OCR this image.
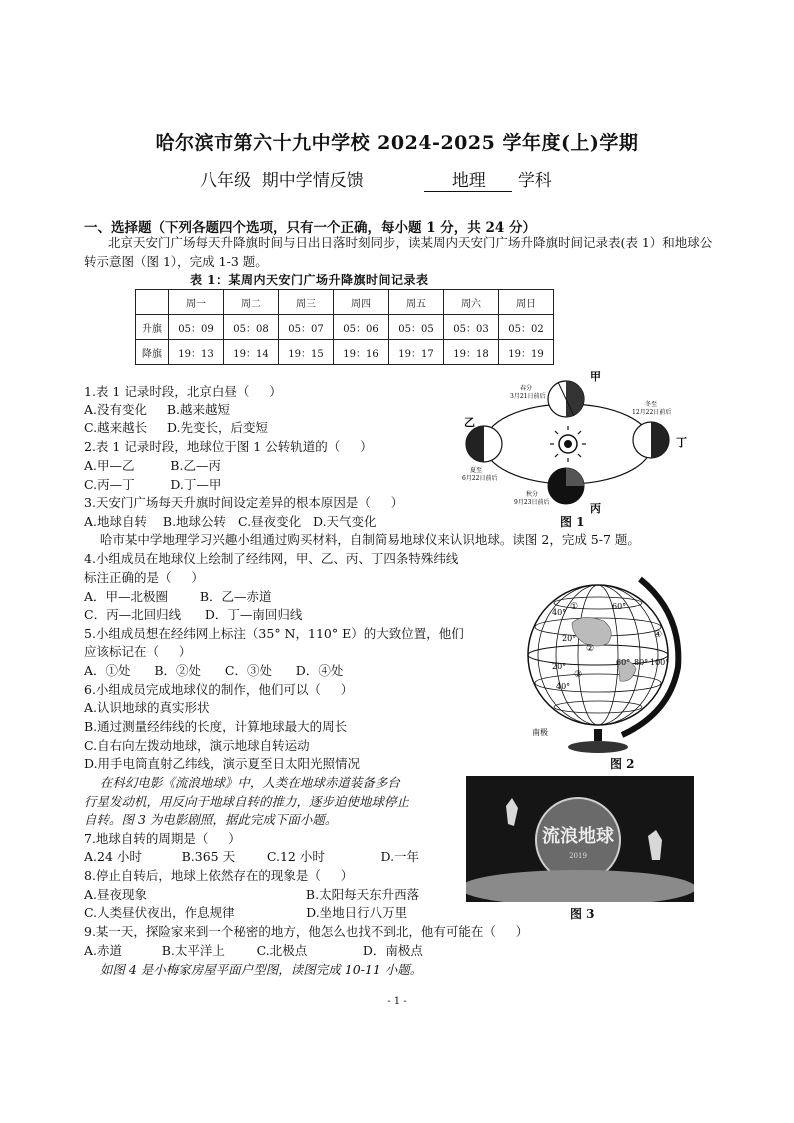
哈尔滨市第六十九中学校 2024-2025 学年度(上)学期
八年级  期中学情反馈	地理 学科
一、选择题（下列各题四个选项，只有一个正确，每小题 1 分，共 24 分）
北京天安门广场每天升降旗时间与日出日落时刻同步，读某周内天安门广场升降旗时间记录表(表 1）和地球公转示意图（图 1），完成 1-3 题。
表 1：某周内天安门广场升降旗时间记录表
	周一	周二	周三	周四	周五	周六	周日
升旗	05：09	05：08	05：07	05：06	05：05	05：03	05：02
降旗	19：13	19：14	19：15	19：16	19：17	19：18	19：19
1.表 1 记录时段，北京白昼（     ）
A.没有变化     B.越来越短
C.越来越长     D.先变长，后变短
2.表 1 记录时段，地球位于图 1 公转轨道的（     ）
A.甲—乙         B.乙—丙
C.丙—丁         D.丁—甲
3.天安门广场每天升旗时间设定差异的根本原因是（     ）
A.地球自转    B.地球公转   C.昼夜变化   D.天气变化
哈市某中学地理学习兴趣小组通过购买材料，自制简易地球仪来认识地球。读图 2，完成 5-7 题。
4.小组成员在地球仪上绘制了经纬网，甲、乙、丙、丁四条特殊纬线
标注正确的是（     ）
A．甲—北极圈        B．乙—赤道
C．丙—北回归线      D．丁—南回归线
5.小组成员想在经纬网上标注（35° N，110° E）的大致位置，他们
应该标记在（     ）
A．①处      B．②处      C．③处      D．④处
6.小组成员完成地球仪的制作，他们可以（     ）
A.认识地球的真实形状
B.通过测量经纬线的长度，计算地球最大的周长
C.自右向左拨动地球，演示地球自转运动
D.用手电筒直射乙纬线，演示夏至日太阳光照情况
在科幻电影《流浪地球》中，人类在地球赤道装备多台
行星发动机，用反向于地球自转的推力，逐步迫使地球停止
自转。图 3 为电影剧照，据此完成下面小题。
7.地球自转的周期是（     ）
A.24 小时          B.365 天        C.12 小时              D.一年
8.停止自转后，地球上依然存在的现象是（     ）
A.昼夜现象                                        B.太阳每天东升西落
C.人类昼伏夜出，作息规律                  D.坐地日行八万里
9.某一天，探险家来到一个秘密的地方，他怎么也找不到北，他有可能在（     ）
A.赤道          B.太平洋上        C.北极点              D．南极点
如图 4 是小梅家房屋平面户型图，读图完成 10-11 小题。
甲
乙
丁
丙
春分
3月21日前后
冬至
12月22日前后
夏至
6月22日前后
秋分
9月23日前后
图 1
40°
60°
20°
20°
40°
60° 80° 100°
①
②
③
④
南极
图 2
流浪地球
2019
图 3
- 1 -
